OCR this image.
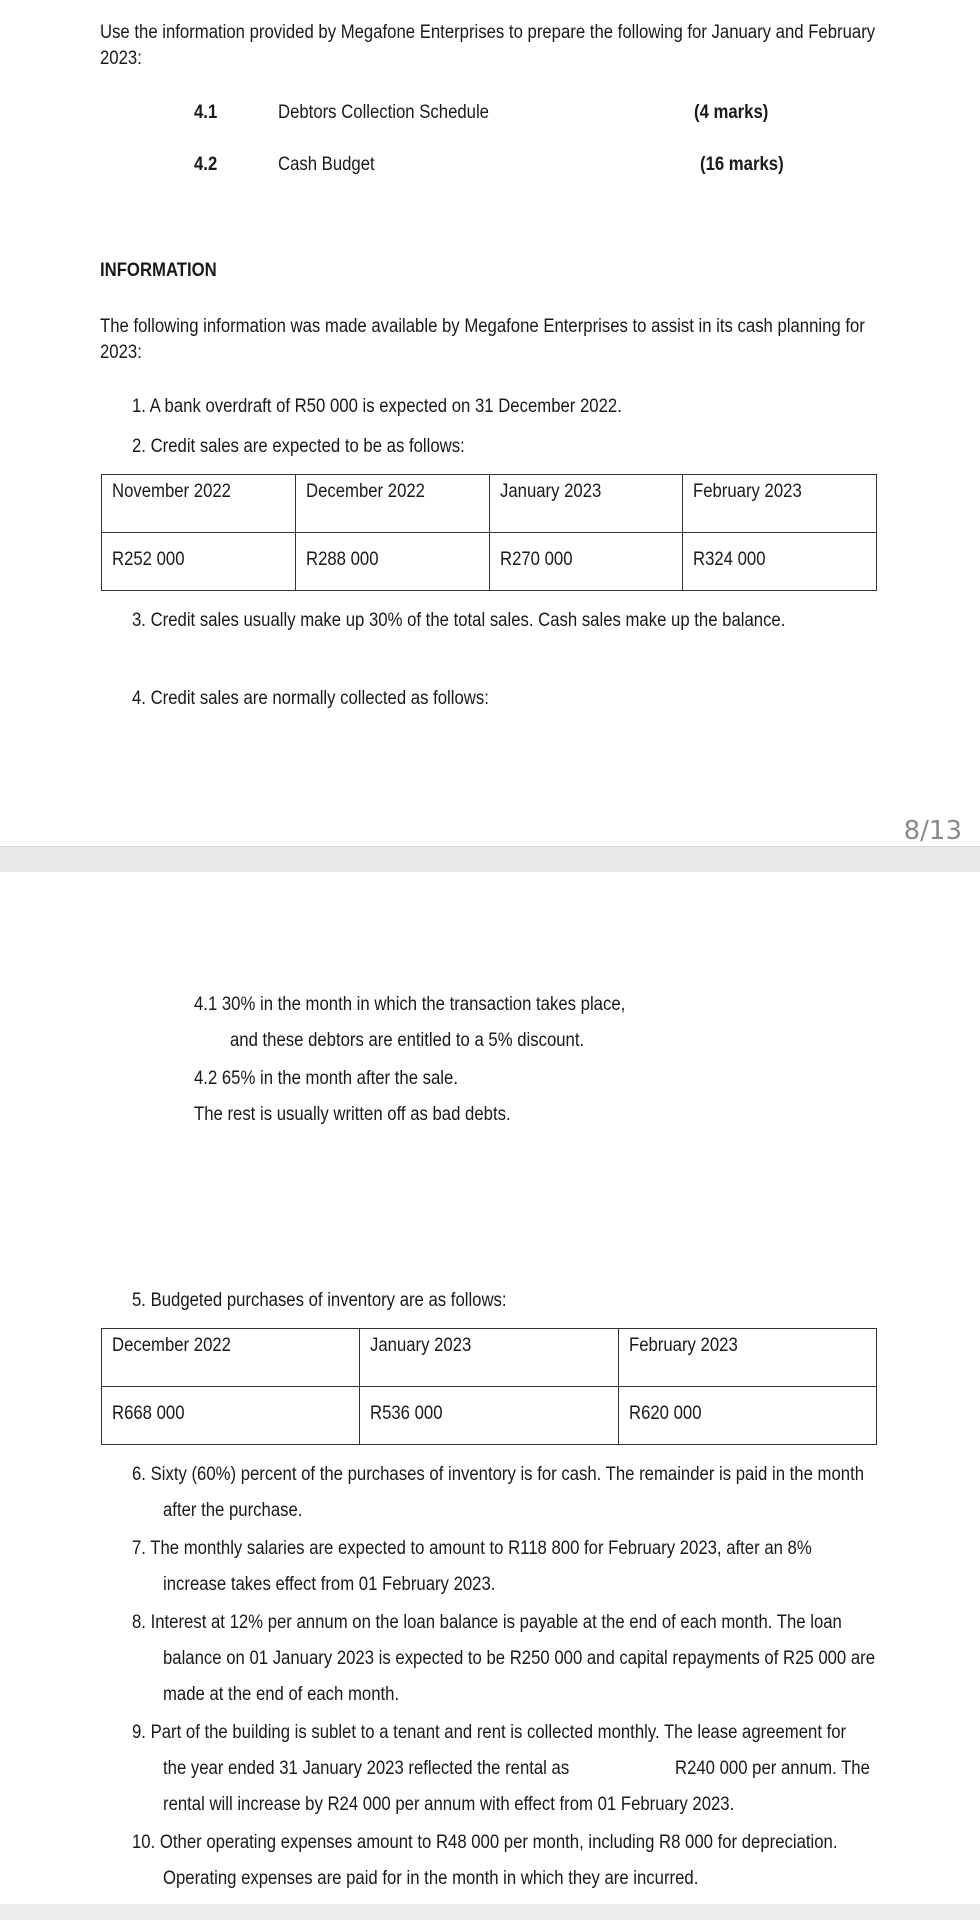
Use the information provided by Megafone Enterprises to prepare the following for January and February
2023:
4.1	Debtors Collection Schedule	(4 marks)
4.2	Cash Budget	(16 marks)
INFORMATION
The following information was made available by Megafone Enterprises to assist in its cash planning for
2023:
1. A bank overdraft of R50 000 is expected on 31 December 2022.
2. Credit sales are expected to be as follows:
November 2022	December 2022	January 2023	February 2023
R252 000	R288 000	R270 000	R324 000
3. Credit sales usually make up 30% of the total sales. Cash sales make up the balance.
4. Credit sales are normally collected as follows:
8/13
4.1 30% in the month in which the transaction takes place,
and these debtors are entitled to a 5% discount.
4.2 65% in the month after the sale.
The rest is usually written off as bad debts.
5. Budgeted purchases of inventory are as follows:
December 2022	January 2023	February 2023
R668 000	R536 000	R620 000
6. Sixty (60%) percent of the purchases of inventory is for cash. The remainder is paid in the month
after the purchase.
7. The monthly salaries are expected to amount to R118 800 for February 2023, after an 8%
increase takes effect from 01 February 2023.
8. Interest at 12% per annum on the loan balance is payable at the end of each month. The loan
balance on 01 January 2023 is expected to be R250 000 and capital repayments of R25 000 are
made at the end of each month.
9. Part of the building is sublet to a tenant and rent is collected monthly. The lease agreement for
the year ended 31 January 2023 reflected the rental as	R240 000 per annum. The
rental will increase by R24 000 per annum with effect from 01 February 2023.
10. Other operating expenses amount to R48 000 per month, including R8 000 for depreciation.
Operating expenses are paid for in the month in which they are incurred.
